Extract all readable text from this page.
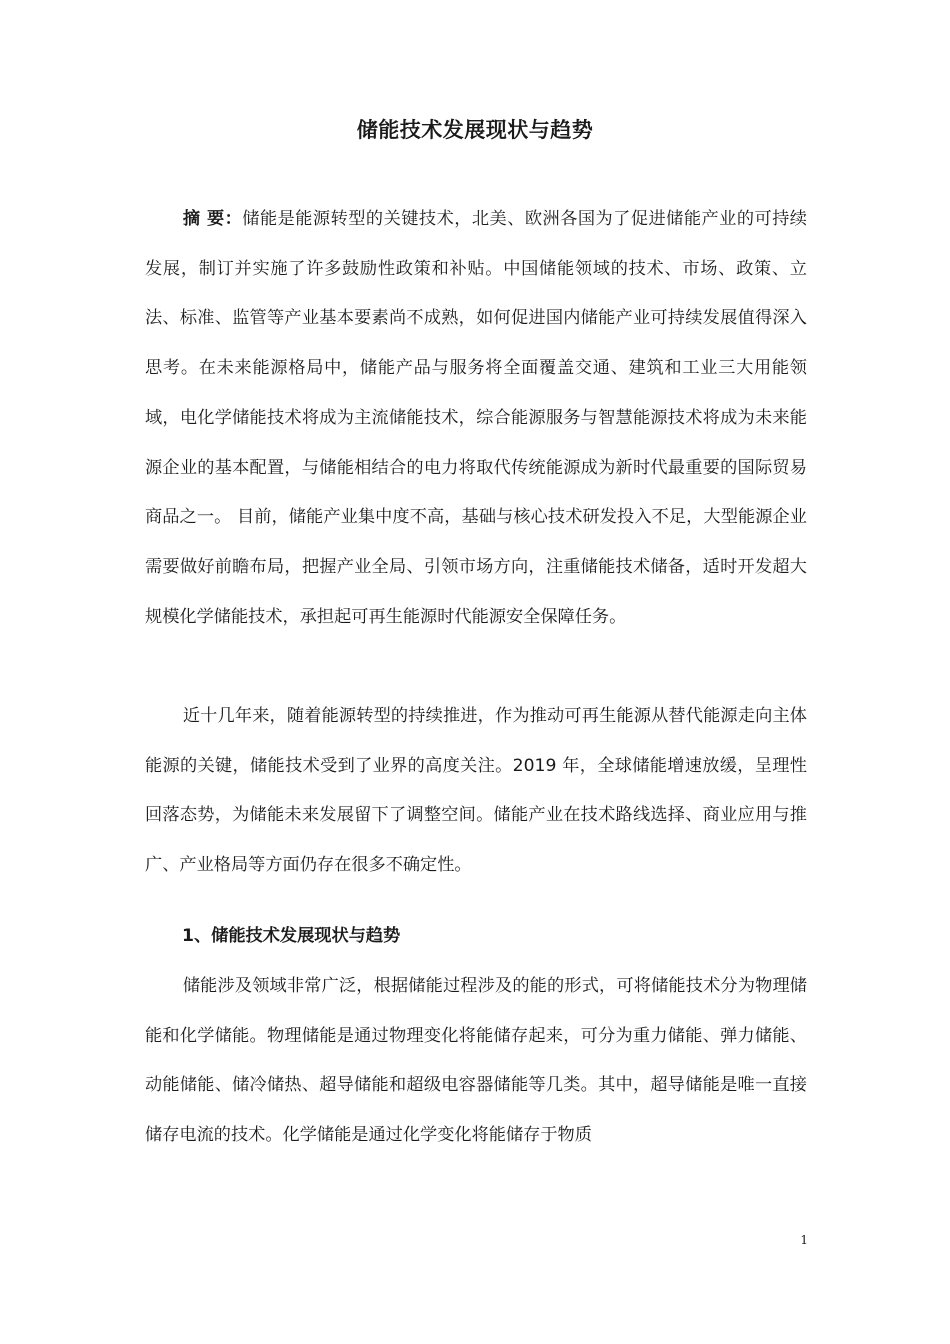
储能技术发展现状与趋势

摘 要：储能是能源转型的关键技术，北美、欧洲各国为了促进储能产业的可持续发展，制订并实施了许多鼓励性政策和补贴。中国储能领域的技术、市场、政策、立法、标准、监管等产业基本要素尚不成熟，如何促进国内储能产业可持续发展值得深入思考。在未来能源格局中，储能产品与服务将全面覆盖交通、建筑和工业三大用能领域，电化学储能技术将成为主流储能技术，综合能源服务与智慧能源技术将成为未来能源企业的基本配置，与储能相结合的电力将取代传统能源成为新时代最重要的国际贸易商品之一。 目前，储能产业集中度不高，基础与核心技术研发投入不足，大型能源企业需要做好前瞻布局，把握产业全局、引领市场方向，注重储能技术储备，适时开发超大规模化学储能技术，承担起可再生能源时代能源安全保障任务。

近十几年来，随着能源转型的持续推进，作为推动可再生能源从替代能源走向主体能源的关键，储能技术受到了业界的高度关注。2019 年，全球储能增速放缓，呈理性回落态势，为储能未来发展留下了调整空间。储能产业在技术路线选择、商业应用与推广、产业格局等方面仍存在很多不确定性。

1、储能技术发展现状与趋势

储能涉及领域非常广泛，根据储能过程涉及的能的形式，可将储能技术分为物理储能和化学储能。物理储能是通过物理变化将能储存起来，可分为重力储能、弹力储能、动能储能、储冷储热、超导储能和超级电容器储能等几类。其中，超导储能是唯一直接储存电流的技术。化学储能是通过化学变化将能储存于物质

1
